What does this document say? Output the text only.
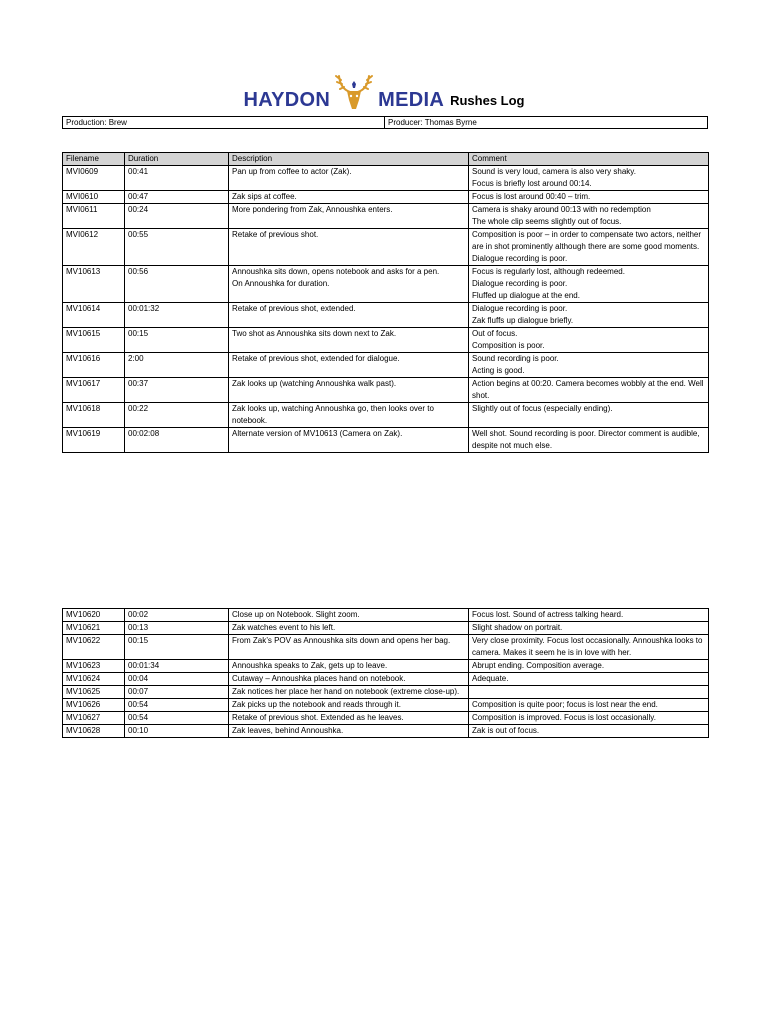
HAYDON MEDIA Rushes Log
Production: Brew	Producer: Thomas Byrne
Filename	Duration	Description	Comment
MVI0609	00:41	Pan up from coffee to actor (Zak).	Sound is very loud, camera is also very shaky.
Focus is briefly lost around 00:14.
MVI0610	00:47	Zak sips at coffee.	Focus is lost around 00:40 – trim.
MVI0611	00:24	More pondering from Zak, Annoushka enters.	Camera is shaky around 00:13 with no redemption
The whole clip seems slightly out of focus.
MVI0612	00:55	Retake of previous shot.	Composition is poor – in order to compensate two actors, neither are in shot prominently although there are some good moments.
Dialogue recording is poor.
MV10613	00:56	Annoushka sits down, opens notebook and asks for a pen.
On Annoushka for duration.	Focus is regularly lost, although redeemed.
Dialogue recording is poor.
Fluffed up dialogue at the end.
MV10614	00:01:32	Retake of previous shot, extended.	Dialogue recording is poor.
Zak fluffs up dialogue briefly.
MV10615	00:15	Two shot as Annoushka sits down next to Zak.	Out of focus.
Composition is poor.
MV10616	2:00	Retake of previous shot, extended for dialogue.	Sound recording is poor.
Acting is good.
MV10617	00:37	Zak looks up (watching Annoushka walk past).	Action begins at 00:20. Camera becomes wobbly at the end. Well shot.
MV10618	00:22	Zak looks up, watching Annoushka go, then looks over to notebook.	Slightly out of focus (especially ending).
MV10619	00:02:08	Alternate version of MV10613 (Camera on Zak).	Well shot. Sound recording is poor. Director comment is audible, despite not much else.
MV10620	00:02	Close up on Notebook. Slight zoom.	Focus lost. Sound of actress talking heard.
MV10621	00:13	Zak watches event to his left.	Slight shadow on portrait.
MV10622	00:15	From Zak’s POV as Annoushka sits down and opens her bag.	Very close proximity. Focus lost occasionally. Annoushka looks to camera. Makes it seem he is in love with her.
MV10623	00:01:34	Annoushka speaks to Zak, gets up to leave.	Abrupt ending. Composition average.
MV10624	00:04	Cutaway – Annoushka places hand on notebook.	Adequate.
MV10625	00:07	Zak notices her place her hand on notebook (extreme close-up).	
MV10626	00:54	Zak picks up the notebook and reads through it.	Composition is quite poor; focus is lost near the end.
MV10627	00:54	Retake of previous shot. Extended as he leaves.	Composition is improved. Focus is lost occasionally.
MV10628	00:10	Zak leaves, behind Annoushka.	Zak is out of focus.
